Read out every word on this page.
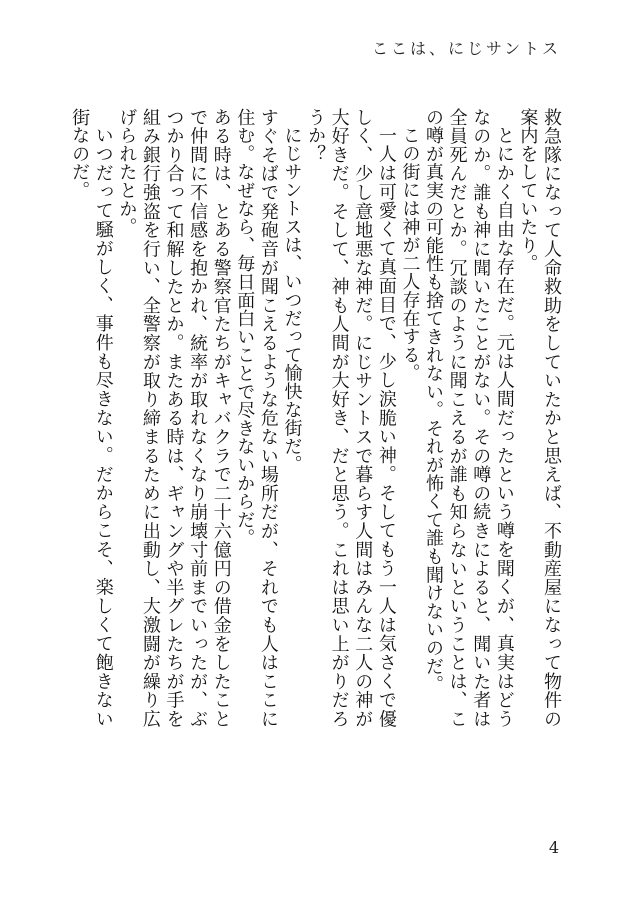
ここは、にじサントス

救急隊になって人命救助をしていたかと思えば、不動産屋になって物件の案内をしていたり。

とにかく自由な存在だ。元は人間だったという噂を聞くが、真実はどうなのか。誰も神に聞いたことがない。その噂の続きによると、聞いた者は全員死んだとか。冗談のように聞こえるが誰も知らないということは、この噂が真実の可能性も捨てきれない。それが怖くて誰も聞けないのだ。

この街には神が二人存在する。

一人は可愛くて真面目で、少し涙脆い神。そしてもう一人は気さくで優しく、少し意地悪な神だ。にじサントスで暮らす人間はみんな二人の神が大好きだ。そして、神も人間が大好き、だと思う。これは思い上がりだろうか？

にじサントスは、いつだって愉快な街だ。

すぐそばで発砲音が聞こえるような危ない場所だが、それでも人はここに住む。なぜなら、毎日面白いことで尽きないからだ。

ある時は、とある警察官たちがキャバクラで二十六億円の借金をしたことで仲間に不信感を抱かれ、統率が取れなくなり崩壊寸前までいったが、ぶつかり合って和解したとか。またある時は、ギャングや半グレたちが手を組み銀行強盗を行い、全警察が取り締まるために出動し、大激闘が繰り広げられたとか。

いつだって騒がしく、事件も尽きない。だからこそ、楽しくて飽きない街なのだ。

4
